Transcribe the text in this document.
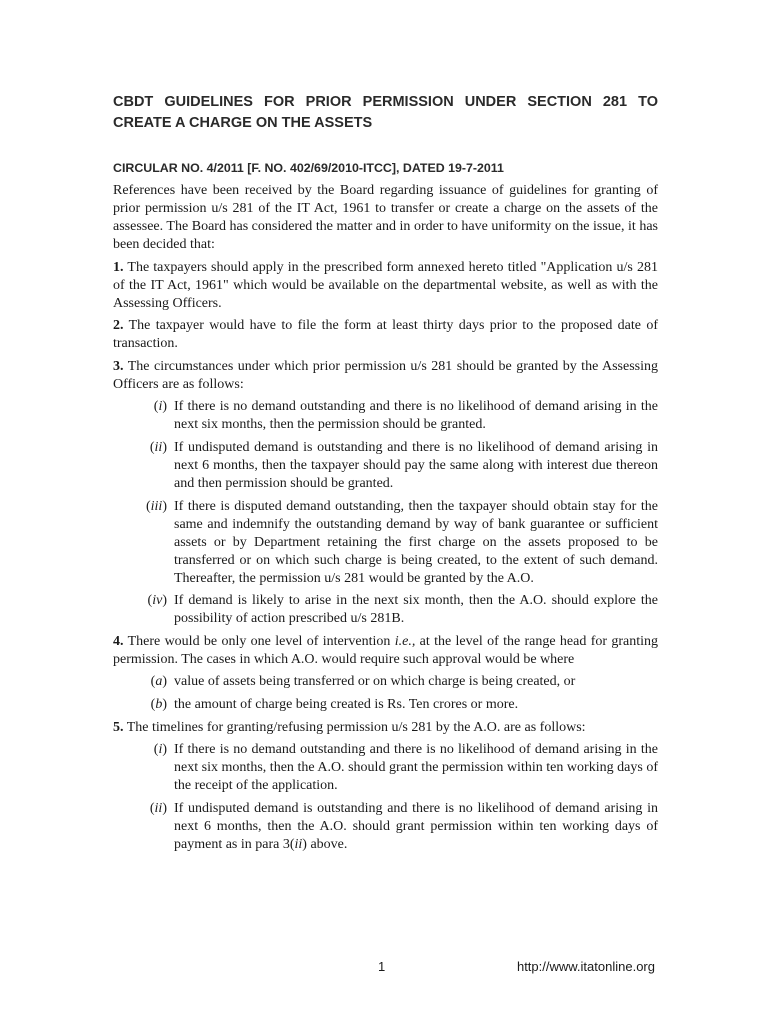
CBDT GUIDELINES FOR PRIOR PERMISSION UNDER SECTION 281 TO CREATE A CHARGE ON THE ASSETS
CIRCULAR NO. 4/2011 [F. NO. 402/69/2010-ITCC], DATED 19-7-2011

References have been received by the Board regarding issuance of guidelines for granting of prior permission u/s 281 of the IT Act, 1961 to transfer or create a charge on the assets of the assessee. The Board has considered the matter and in order to have uniformity on the issue, it has been decided that:

1. The taxpayers should apply in the prescribed form annexed hereto titled "Application u/s 281 of the IT Act, 1961" which would be available on the departmental website, as well as with the Assessing Officers.

2. The taxpayer would have to file the form at least thirty days prior to the proposed date of transaction.

3. The circumstances under which prior permission u/s 281 should be granted by the Assessing Officers are as follows:

(i) If there is no demand outstanding and there is no likelihood of demand arising in the next six months, then the permission should be granted.
(ii) If undisputed demand is outstanding and there is no likelihood of demand arising in next 6 months, then the taxpayer should pay the same along with interest due thereon and then permission should be granted.
(iii) If there is disputed demand outstanding, then the taxpayer should obtain stay for the same and indemnify the outstanding demand by way of bank guarantee or sufficient assets or by Department retaining the first charge on the assets proposed to be transferred or on which such charge is being created, to the extent of such demand. Thereafter, the permission u/s 281 would be granted by the A.O.
(iv) If demand is likely to arise in the next six month, then the A.O. should explore the possibility of action prescribed u/s 281B.

4. There would be only one level of intervention i.e., at the level of the range head for granting permission. The cases in which A.O. would require such approval would be where

(a) value of assets being transferred or on which charge is being created, or
(b) the amount of charge being created is Rs. Ten crores or more.

5. The timelines for granting/refusing permission u/s 281 by the A.O. are as follows:

(i) If there is no demand outstanding and there is no likelihood of demand arising in the next six months, then the A.O. should grant the permission within ten working days of the receipt of the application.
(ii) If undisputed demand is outstanding and there is no likelihood of demand arising in next 6 months, then the A.O. should grant permission within ten working days of payment as in para 3(ii) above.
1	http://www.itatonline.org
